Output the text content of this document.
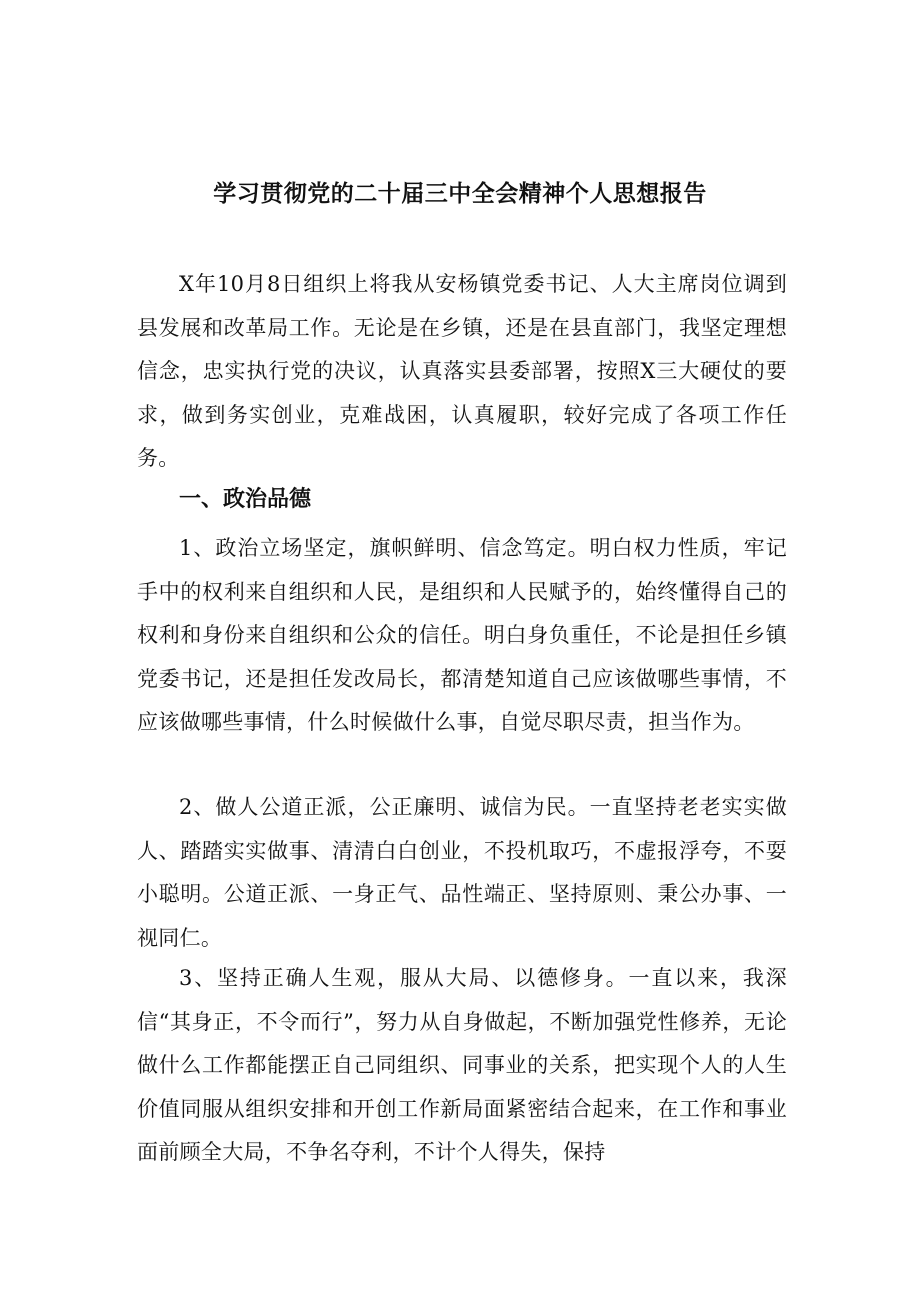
学习贯彻党的二十届三中全会精神个人思想报告
X年10月8日组织上将我从安杨镇党委书记、人大主席岗位调到县发展和改革局工作。无论是在乡镇，还是在县直部门，我坚定理想信念，忠实执行党的决议，认真落实县委部署，按照X三大硬仗的要求，做到务实创业，克难战困，认真履职，较好完成了各项工作任务。
一、政治品德
1、政治立场坚定，旗帜鲜明、信念笃定。明白权力性质，牢记手中的权利来自组织和人民，是组织和人民赋予的，始终懂得自己的权利和身份来自组织和公众的信任。明白身负重任，不论是担任乡镇党委书记，还是担任发改局长，都清楚知道自己应该做哪些事情，不应该做哪些事情，什么时候做什么事，自觉尽职尽责，担当作为。
2、做人公道正派，公正廉明、诚信为民。一直坚持老老实实做人、踏踏实实做事、清清白白创业，不投机取巧，不虚报浮夸，不耍小聪明。公道正派、一身正气、品性端正、坚持原则、秉公办事、一视同仁。
3、坚持正确人生观，服从大局、以德修身。一直以来，我深信“其身正，不令而行”，努力从自身做起，不断加强党性修养，无论做什么工作都能摆正自己同组织、同事业的关系，把实现个人的人生价值同服从组织安排和开创工作新局面紧密结合起来，在工作和事业面前顾全大局，不争名夺利，不计个人得失，保持
